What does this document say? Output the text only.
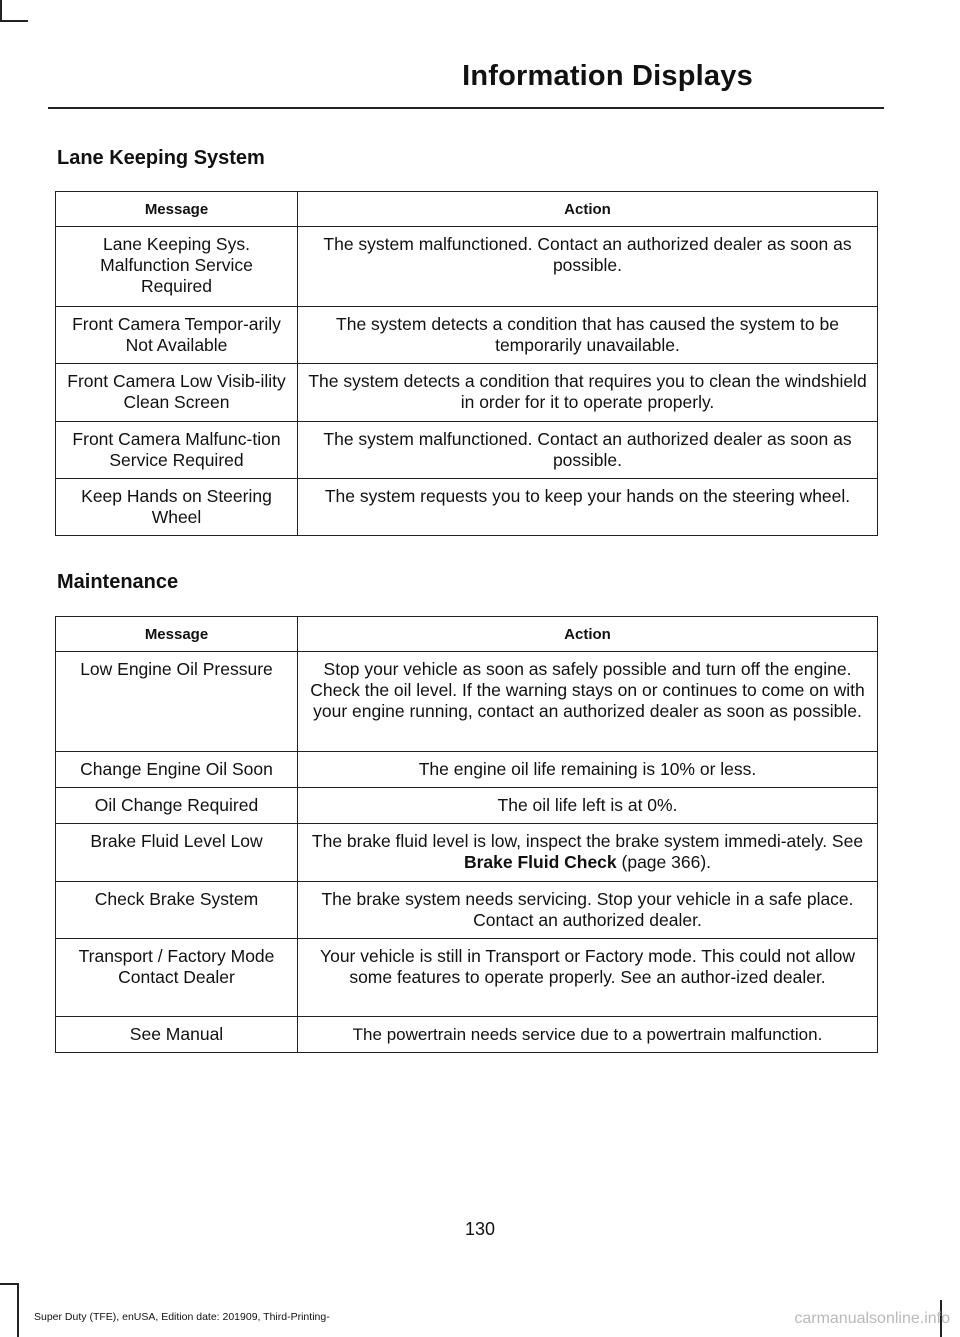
Information Displays
Lane Keeping System
Message	Action
Lane Keeping Sys. Malfunction Service Required	The system malfunctioned. Contact an authorized dealer as soon as possible.
Front Camera Tempor-arily Not Available	The system detects a condition that has caused the system to be temporarily unavailable.
Front Camera Low Visib-ility Clean Screen	The system detects a condition that requires you to clean the windshield in order for it to operate properly.
Front Camera Malfunc-tion Service Required	The system malfunctioned. Contact an authorized dealer as soon as possible.
Keep Hands on Steering Wheel	The system requests you to keep your hands on the steering wheel.
Maintenance
Message	Action
Low Engine Oil Pressure	Stop your vehicle as soon as safely possible and turn off the engine. Check the oil level. If the warning stays on or continues to come on with your engine running, contact an authorized dealer as soon as possible.
Change Engine Oil Soon	The engine oil life remaining is 10% or less.
Oil Change Required	The oil life left is at 0%.
Brake Fluid Level Low	The brake fluid level is low, inspect the brake system immedi-ately. See Brake Fluid Check (page 366).
Check Brake System	The brake system needs servicing. Stop your vehicle in a safe place. Contact an authorized dealer.
Transport / Factory Mode Contact Dealer	Your vehicle is still in Transport or Factory mode. This could not allow some features to operate properly. See an author-ized dealer.
See Manual	The powertrain needs service due to a powertrain malfunction.
130
Super Duty (TFE), enUSA, Edition date: 201909, Third-Printing-	carmanualsonline.info
